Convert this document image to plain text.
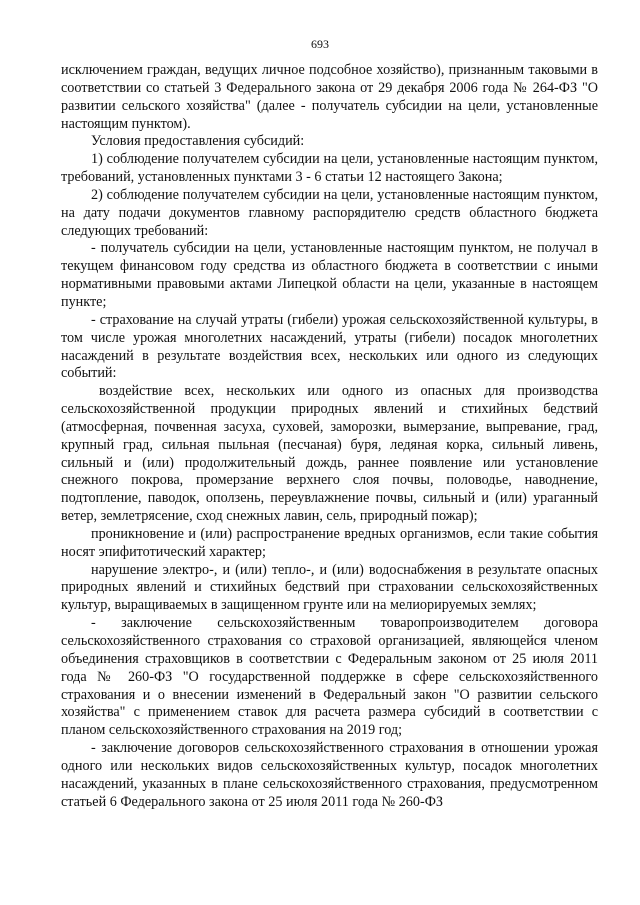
693

исключением граждан, ведущих личное подсобное хозяйство), признанным таковыми в соответствии со статьей 3 Федерального закона от 29 декабря 2006 года № 264-ФЗ "О развитии сельского хозяйства" (далее - получатель субсидии на цели, установленные настоящим пунктом).

Условия предоставления субсидий:

1) соблюдение получателем субсидии на цели, установленные настоящим пунктом, требований, установленных пунктами 3 - 6 статьи 12 настоящего Закона;

2) соблюдение получателем субсидии на цели, установленные настоящим пунктом, на дату подачи документов главному распорядителю средств областного бюджета следующих требований:

- получатель субсидии на цели, установленные настоящим пунктом, не получал в текущем финансовом году средства из областного бюджета в соответствии с иными нормативными правовыми актами Липецкой области на цели, указанные в настоящем пункте;

- страхование на случай утраты (гибели) урожая сельскохозяйственной культуры, в том числе урожая многолетних насаждений, утраты (гибели) посадок многолетних насаждений в результате воздействия всех, нескольких или одного из следующих событий:

воздействие всех, нескольких или одного из опасных для производства сельскохозяйственной продукции природных явлений и стихийных бедствий (атмосферная, почвенная засуха, суховей, заморозки, вымерзание, выпревание, град, крупный град, сильная пыльная (песчаная) буря, ледяная корка, сильный ливень, сильный и (или) продолжительный дождь, раннее появление или установление снежного покрова, промерзание верхнего слоя почвы, половодье, наводнение, подтопление, паводок, оползень, переувлажнение почвы, сильный и (или) ураганный ветер, землетрясение, сход снежных лавин, сель, природный пожар);

проникновение и (или) распространение вредных организмов, если такие события носят эпифитотический характер;

нарушение электро-, и (или) тепло-, и (или) водоснабжения в результате опасных природных явлений и стихийных бедствий при страховании сельскохозяйственных культур, выращиваемых в защищенном грунте или на мелиорируемых землях;

- заключение сельскохозяйственным товаропроизводителем договора сельскохозяйственного страхования со страховой организацией, являющейся членом объединения страховщиков в соответствии с Федеральным законом от 25 июля 2011 года № 260-ФЗ "О государственной поддержке в сфере сельскохозяйственного страхования и о внесении изменений в Федеральный закон "О развитии сельского хозяйства" с применением ставок для расчета размера субсидий в соответствии с планом сельскохозяйственного страхования на 2019 год;

- заключение договоров сельскохозяйственного страхования в отношении урожая одного или нескольких видов сельскохозяйственных культур, посадок многолетних насаждений, указанных в плане сельскохозяйственного страхования, предусмотренном статьей 6 Федерального закона от 25 июля 2011 года № 260-ФЗ
